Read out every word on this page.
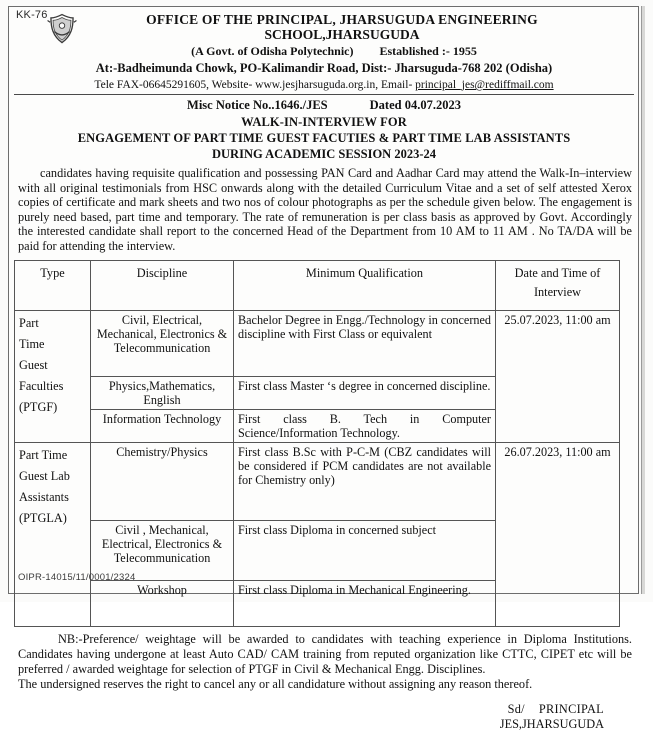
KK-76	OFFICE OF THE PRINCIPAL, JHARSUGUDA ENGINEERING
SCHOOL,JHARSUGUDA
(A Govt. of Odisha Polytechnic) Established :- 1955
At:-Badheimunda Chowk, PO-Kalimandir Road, Dist:- Jharsuguda-768 202 (Odisha)
Tele FAX-06645291605, Website- www.jesjharsuguda.org.in, Email- principal_jes@rediffmail.com
Misc Notice No..1646./JES	Dated 04.07.2023
WALK-IN-INTERVIEW FOR
ENGAGEMENT OF PART TIME GUEST FACUTIES & PART TIME LAB ASSISTANTS
DURING ACADEMIC SESSION 2023-24
candidates having requisite qualification and possessing PAN Card and Aadhar Card may attend the Walk-In–interview with all original testimonials from HSC onwards along with the detailed Curriculum Vitae and a set of self attested Xerox copies of certificate and mark sheets and two nos of colour photographs as per the schedule given below. The engagement is purely need based, part time and temporary. The rate of remuneration is per class basis as approved by Govt. Accordingly the interested candidate shall report to the concerned Head of the Department from 10 AM to 11 AM . No TA/DA will be paid for attending the interview.
Type	Discipline	Minimum Qualification	Date and Time of
Interview

Part
Time
Guest
Faculties
(PTGF)	Civil, Electrical, Mechanical, Electronics & Telecommunication	Bachelor Degree in Engg./Technology in concerned discipline with First Class or equivalent	25.07.2023, 11:00 am
	Physics,Mathematics, English	First class Master ‘s degree in concerned discipline.	
	Information Technology	First class B. Tech in Computer Science/Information Technology.	

Part Time
Guest Lab
Assistants
(PTGLA)	Chemistry/Physics	First class B.Sc with P-C-M (CBZ candidates will be considered if PCM candidates are not available for Chemistry only)	26.07.2023, 11:00 am
	Civil , Mechanical, Electrical, Electronics & Telecommunication	First class Diploma in concerned subject	
	Workshop	First class Diploma in Mechanical Engineering.	
NB:-Preference/ weightage will be awarded to candidates with teaching experience in Diploma Institutions. Candidates having undergone at least Auto CAD/ CAM training from reputed organization like CTTC, CIPET etc will be preferred / awarded weightage for selection of PTGF in Civil & Mechanical Engg. Disciplines.
The undersigned reserves the right to cancel any or all candidature without assigning any reason thereof.
Sd/ PRINCIPAL
JES,JHARSUGUDA
OIPR-14015/11/0001/2324
